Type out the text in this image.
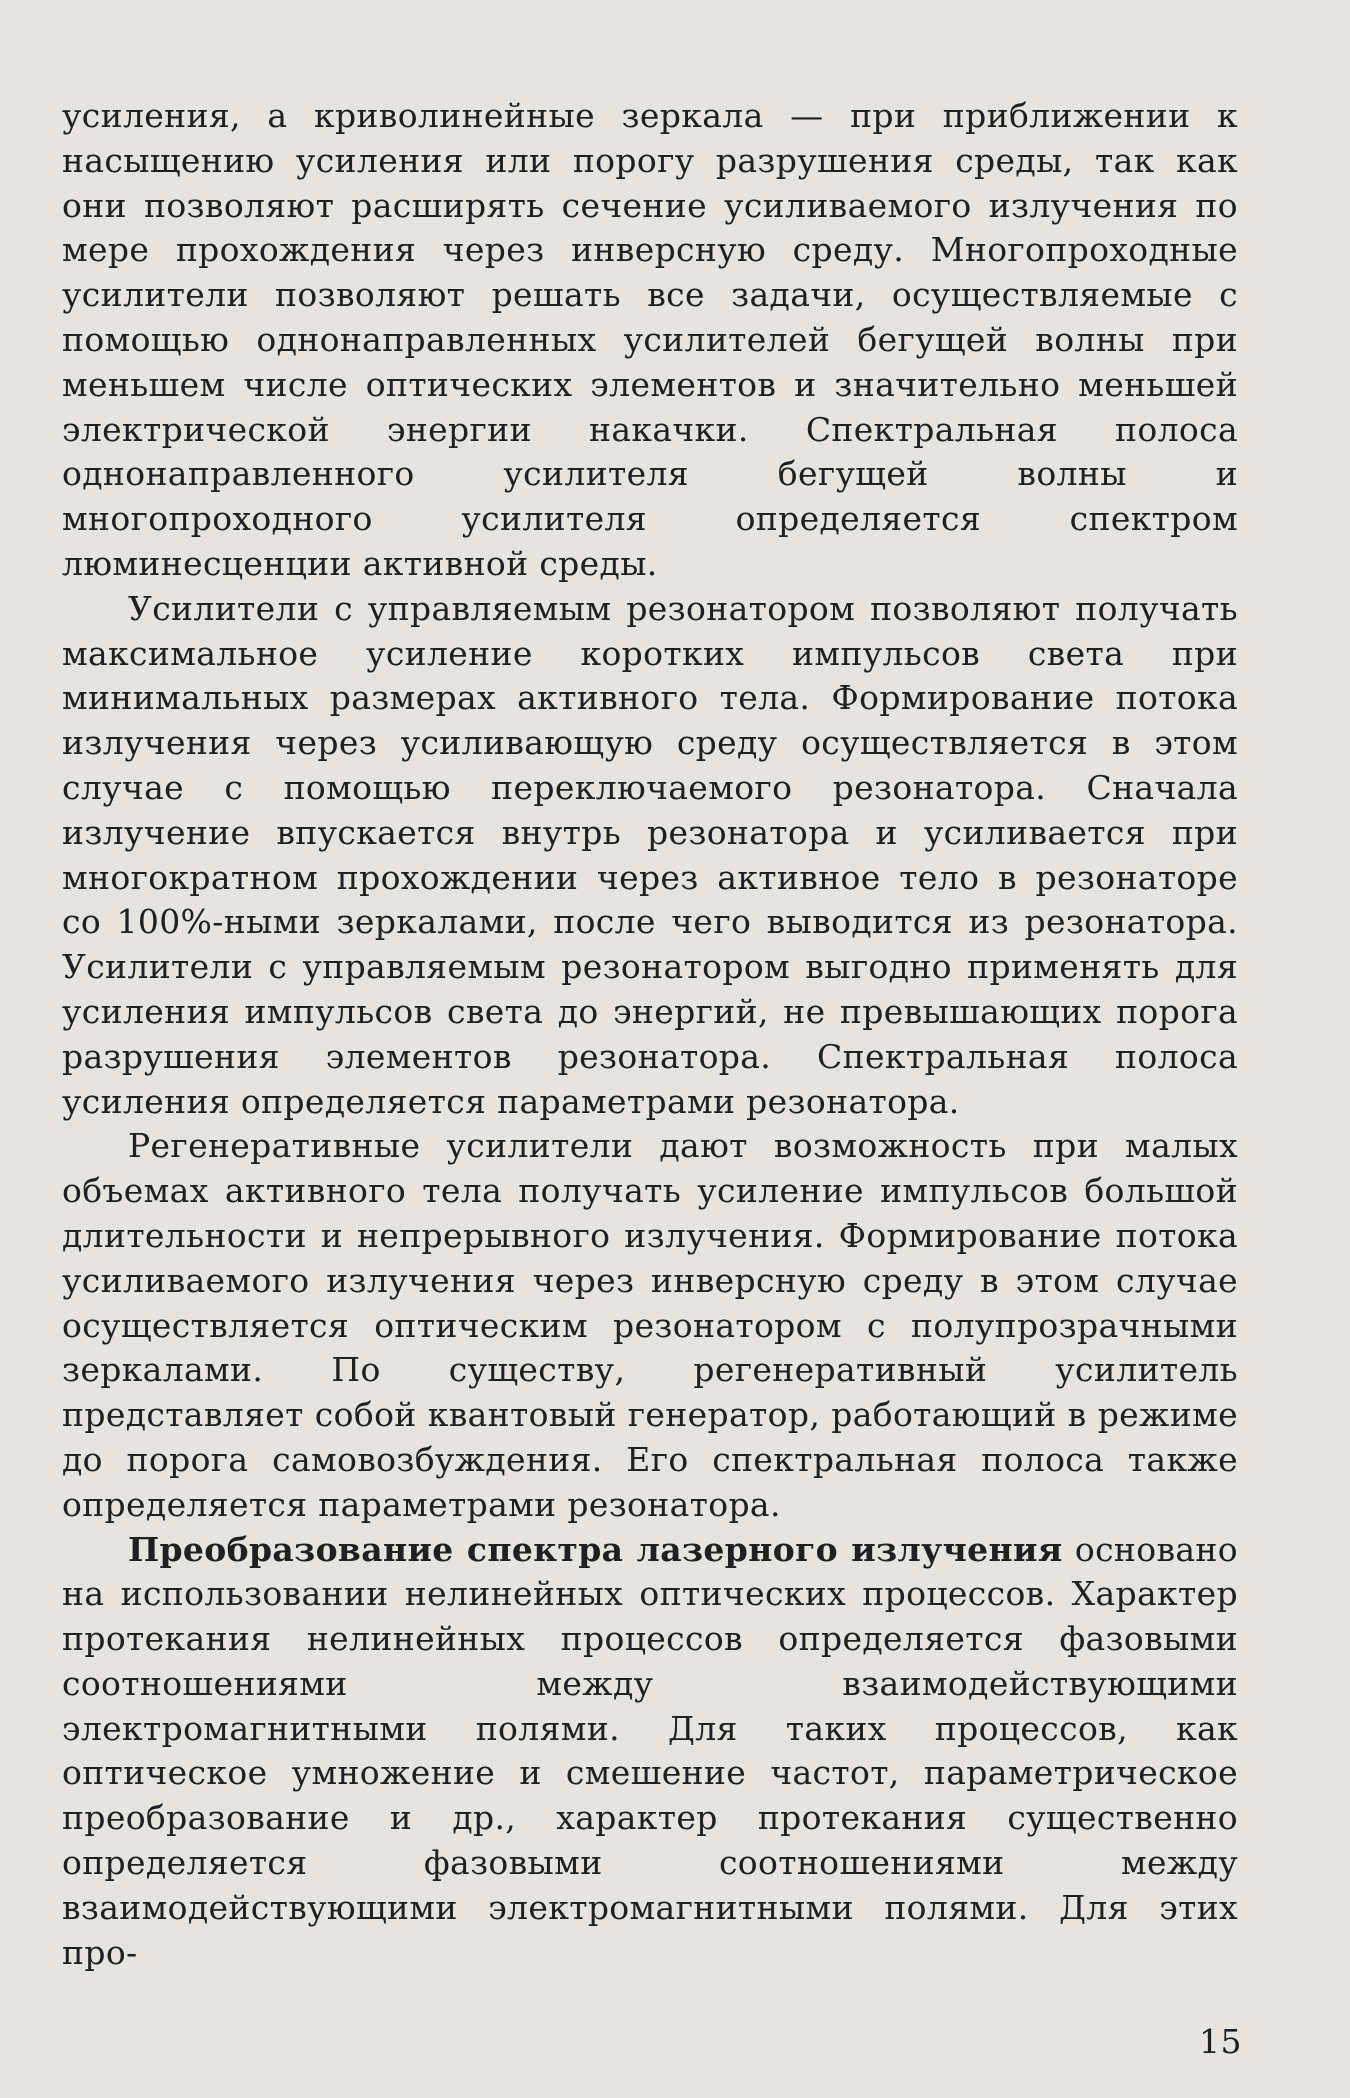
усиления, а криволинейные зеркала — при приближении к насыщению усиления или порогу разрушения среды, так как они позволяют расширять сечение усиливаемого излучения по мере прохождения через инверсную среду. Многопроходные усилители позволяют решать все задачи, осуществляемые с помощью однонаправленных усилителей бегущей волны при меньшем числе оптических элементов и значительно меньшей электрической энергии накачки. Спектральная полоса однонаправленного усилителя бегущей волны и многопроходного усилителя определяется спектром люминесценции активной среды.

Усилители с управляемым резонатором позволяют получать максимальное усиление коротких импульсов света при минимальных размерах активного тела. Формирование потока излучения через усиливающую среду осуществляется в этом случае с помощью переключаемого резонатора. Сначала излучение впускается внутрь резонатора и усиливается при многократном прохождении через активное тело в резонаторе со 100%-ными зеркалами, после чего выводится из резонатора. Усилители с управляемым резонатором выгодно применять для усиления импульсов света до энергий, не превышающих порога разрушения элементов резонатора. Спектральная полоса усиления определяется параметрами резонатора.

Регенеративные усилители дают возможность при малых объемах активного тела получать усиление импульсов большой длительности и непрерывного излучения. Формирование потока усиливаемого излучения через инверсную среду в этом случае осуществляется оптическим резонатором с полупрозрачными зеркалами. По существу, регенеративный усилитель представляет собой квантовый генератор, работающий в режиме до порога самовозбуждения. Его спектральная полоса также определяется параметрами резонатора.

Преобразование спектра лазерного излучения основано на использовании нелинейных оптических процессов. Характер протекания нелинейных процессов определяется фазовыми соотношениями между взаимодействующими электромагнитными полями. Для таких процессов, как оптическое умножение и смешение частот, параметрическое преобразование и др., характер протекания существенно определяется фазовыми соотношениями между взаимодействующими электромагнитными полями. Для этих про-

15
